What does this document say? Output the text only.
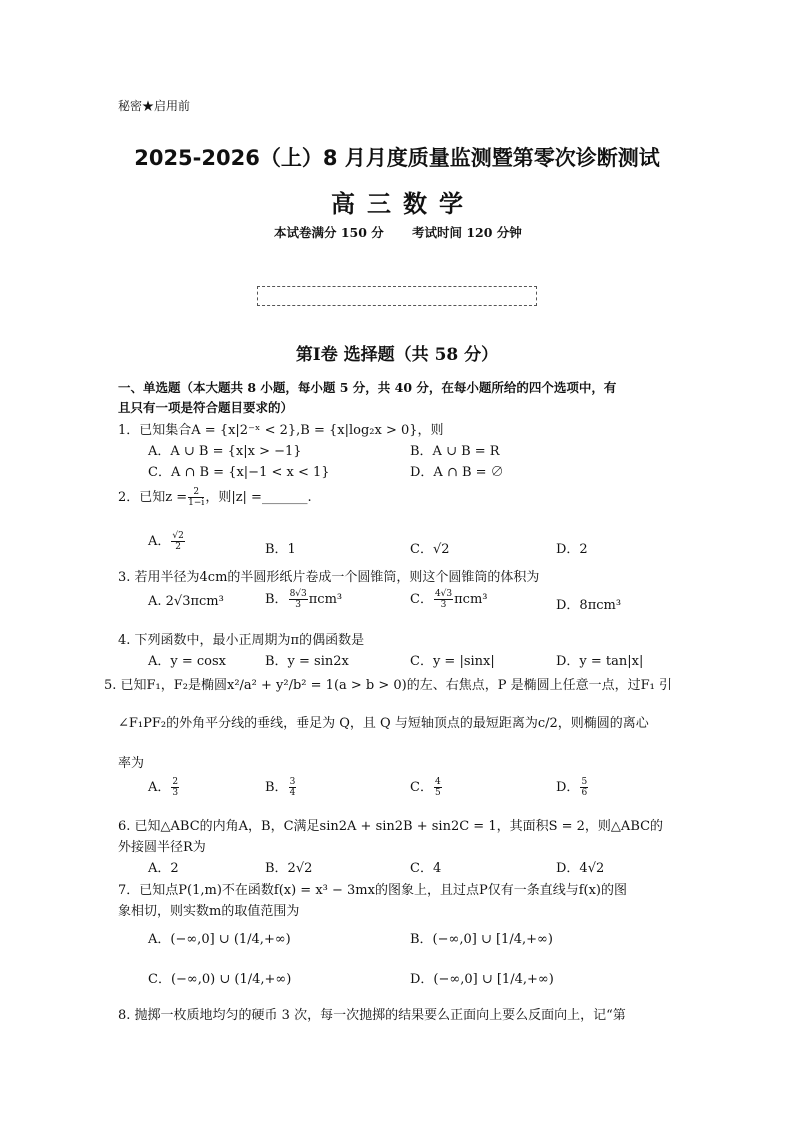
秘密★启用前
2025-2026（上）8 月月度质量监测暨第零次诊断测试
高三数学
本试卷满分 150 分 考试时间 120 分钟
第Ⅰ卷 选择题（共 58 分）
一、单选题（本大题共 8 小题，每小题 5 分，共 40 分，在每小题所给的四个选项中，有
且只有一项是符合题目要求的）
1．已知集合A = {x|2⁻ˣ < 2},B = {x|log₂x > 0}，则
A．A ∪ B = {x|x > −1}	B．A ∪ B = R
C．A ∩ B = {x|−1 < x < 1}	D．A ∩ B = ∅
2．已知$z = \frac{2}{1-i}$ ，则|z| =_______.
A． $\frac{√2}{2}$	B．1	C．√2	D．2
3. 若用半径为4cm的半圆形纸片卷成一个圆锥筒，则这个圆锥筒的体积为
A. 2√3πcm³	B． $\frac{8√3}{3} \pi cm^3$	C． $\frac{4√3}{3} \pi cm^3$	D．8πcm³
4. 下列函数中，最小正周期为π的偶函数是
A．y = cosx	B．y = sin2x	C．y = |sinx|	D．y = tan|x|
5. 已知F₁，F₂是椭圆x²/a² + y²/b² = 1(a > b > 0)的左、右焦点，P 是椭圆上任意一点，过F₁ 引
∠F₁PF₂的外角平分线的垂线，垂足为 Q，且 Q 与短轴顶点的最短距离为c/2，则椭圆的离心
率为
A． $\frac{2}{3}$	B． $\frac{3}{4}$	C． $\frac{4}{5}$	D． $\frac{5}{6}$
6. 已知△ABC的内角A，B，C满足sin2A + sin2B + sin2C = 1，其面积S = 2，则△ABC的
外接圆半径R为
A．2	B．2√2	C．4	D．4√2
7．已知点P(1,m)不在函数f(x) = x³ − 3mx的图象上，且过点P仅有一条直线与f(x)的图
象相切，则实数m的取值范围为
A．(−∞,0] ∪ (1/4,+∞)	B．(−∞,0] ∪ [1/4,+∞)
C．(−∞,0) ∪ (1/4,+∞)	D．(−∞,0] ∪ [1/4,+∞)
8. 抛掷一枚质地均匀的硬币 3 次，每一次抛掷的结果要么正面向上要么反面向上，记“第
